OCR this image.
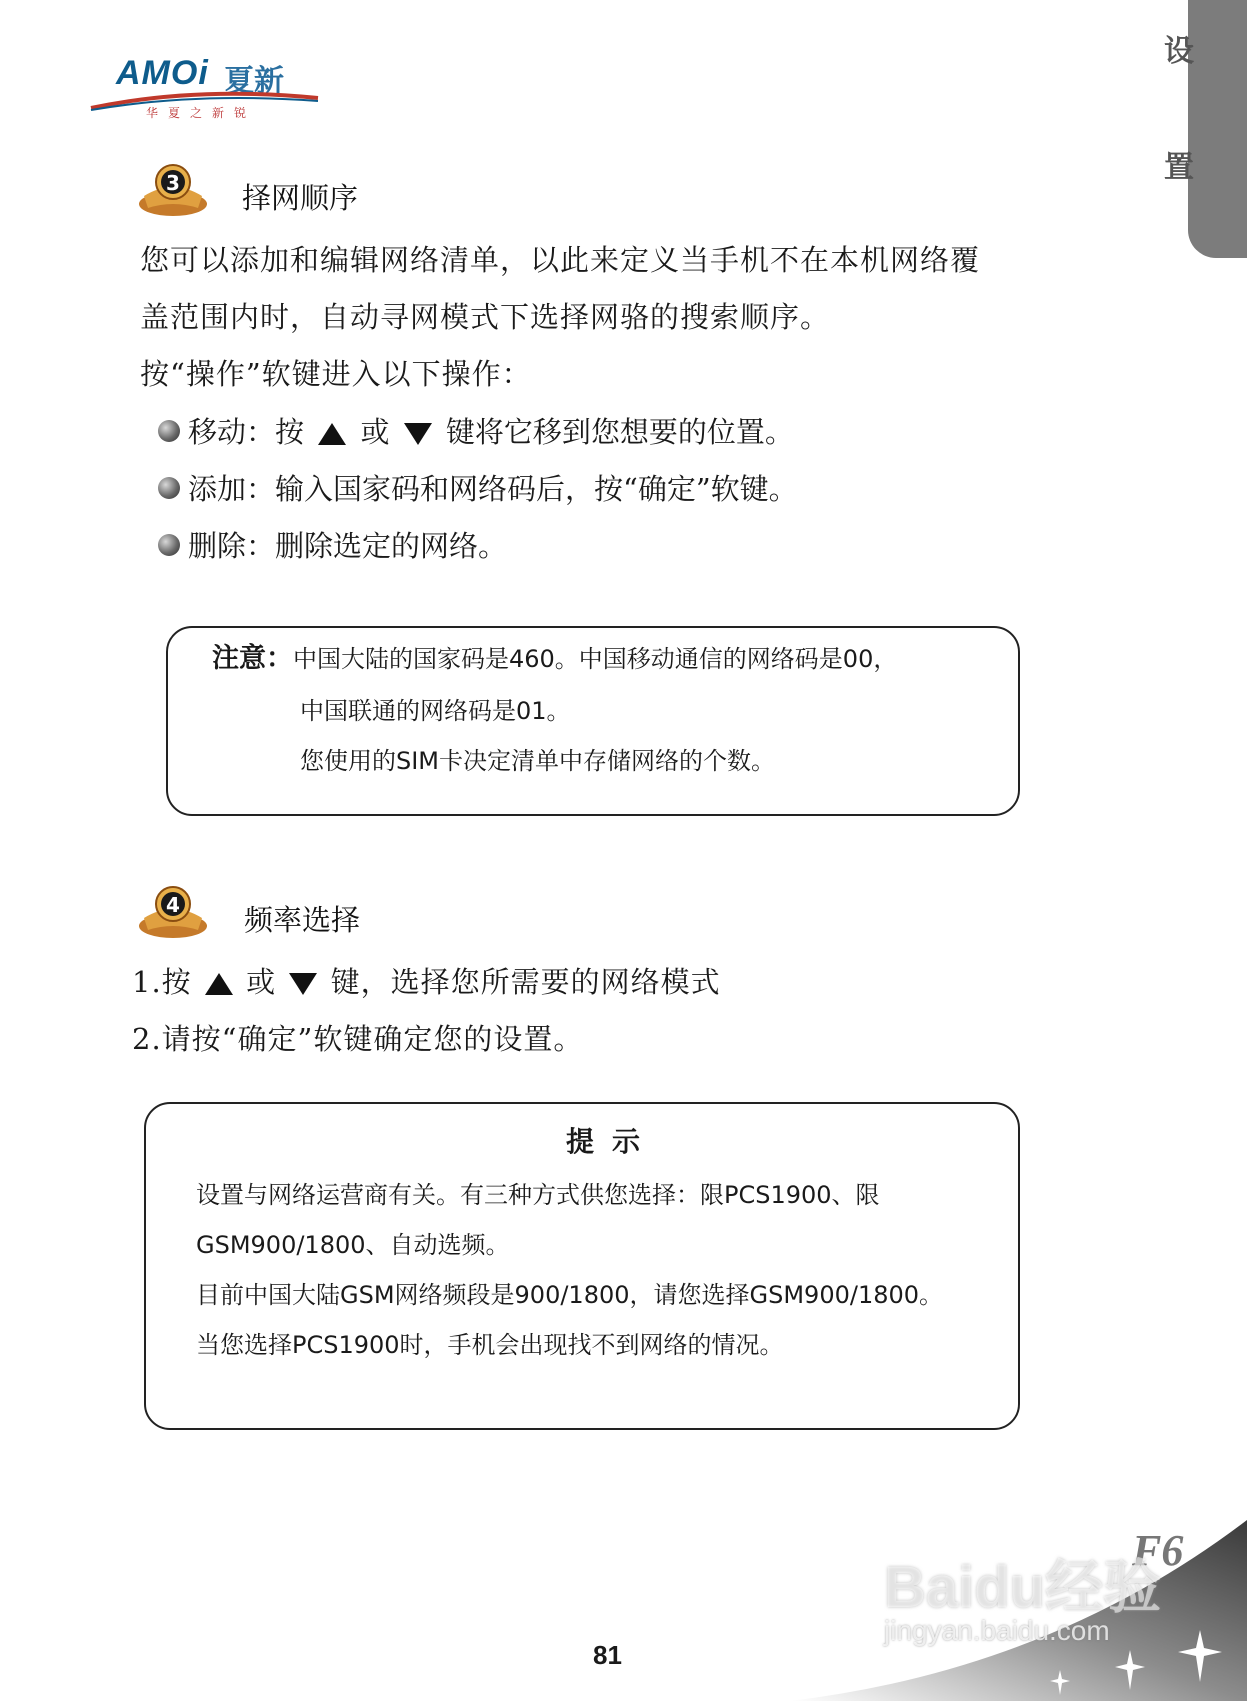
AMOi 夏新
华夏之新锐
设
置
3 择网顺序
您可以添加和编辑网络清单，以此来定义当手机不在本机网络覆
盖范围内时，自动寻网模式下选择网骆的搜索顺序。
按“操作”软键进入以下操作：
移动：按 或 键将它移到您想要的位置。
添加：输入国家码和网络码后，按“确定”软键。
删除：删除选定的网络。
注意：中国大陆的国家码是460。中国移动通信的网络码是00，
中国联通的网络码是01。
您使用的SIM卡决定清单中存储网络的个数。
4 频率选择
1.按 或 键，选择您所需要的网络模式
2.请按“确定”软键确定您的设置。
提示
设置与网络运营商有关。有三种方式供您选择：限PCS1900、限
GSM900/1800、自动选频。
目前中国大陆GSM网络频段是900/1800，请您选择GSM900/1800。
当您选择PCS1900时，手机会出现找不到网络的情况。
F6
Baidu经验
jingyan.baidu.com
81
